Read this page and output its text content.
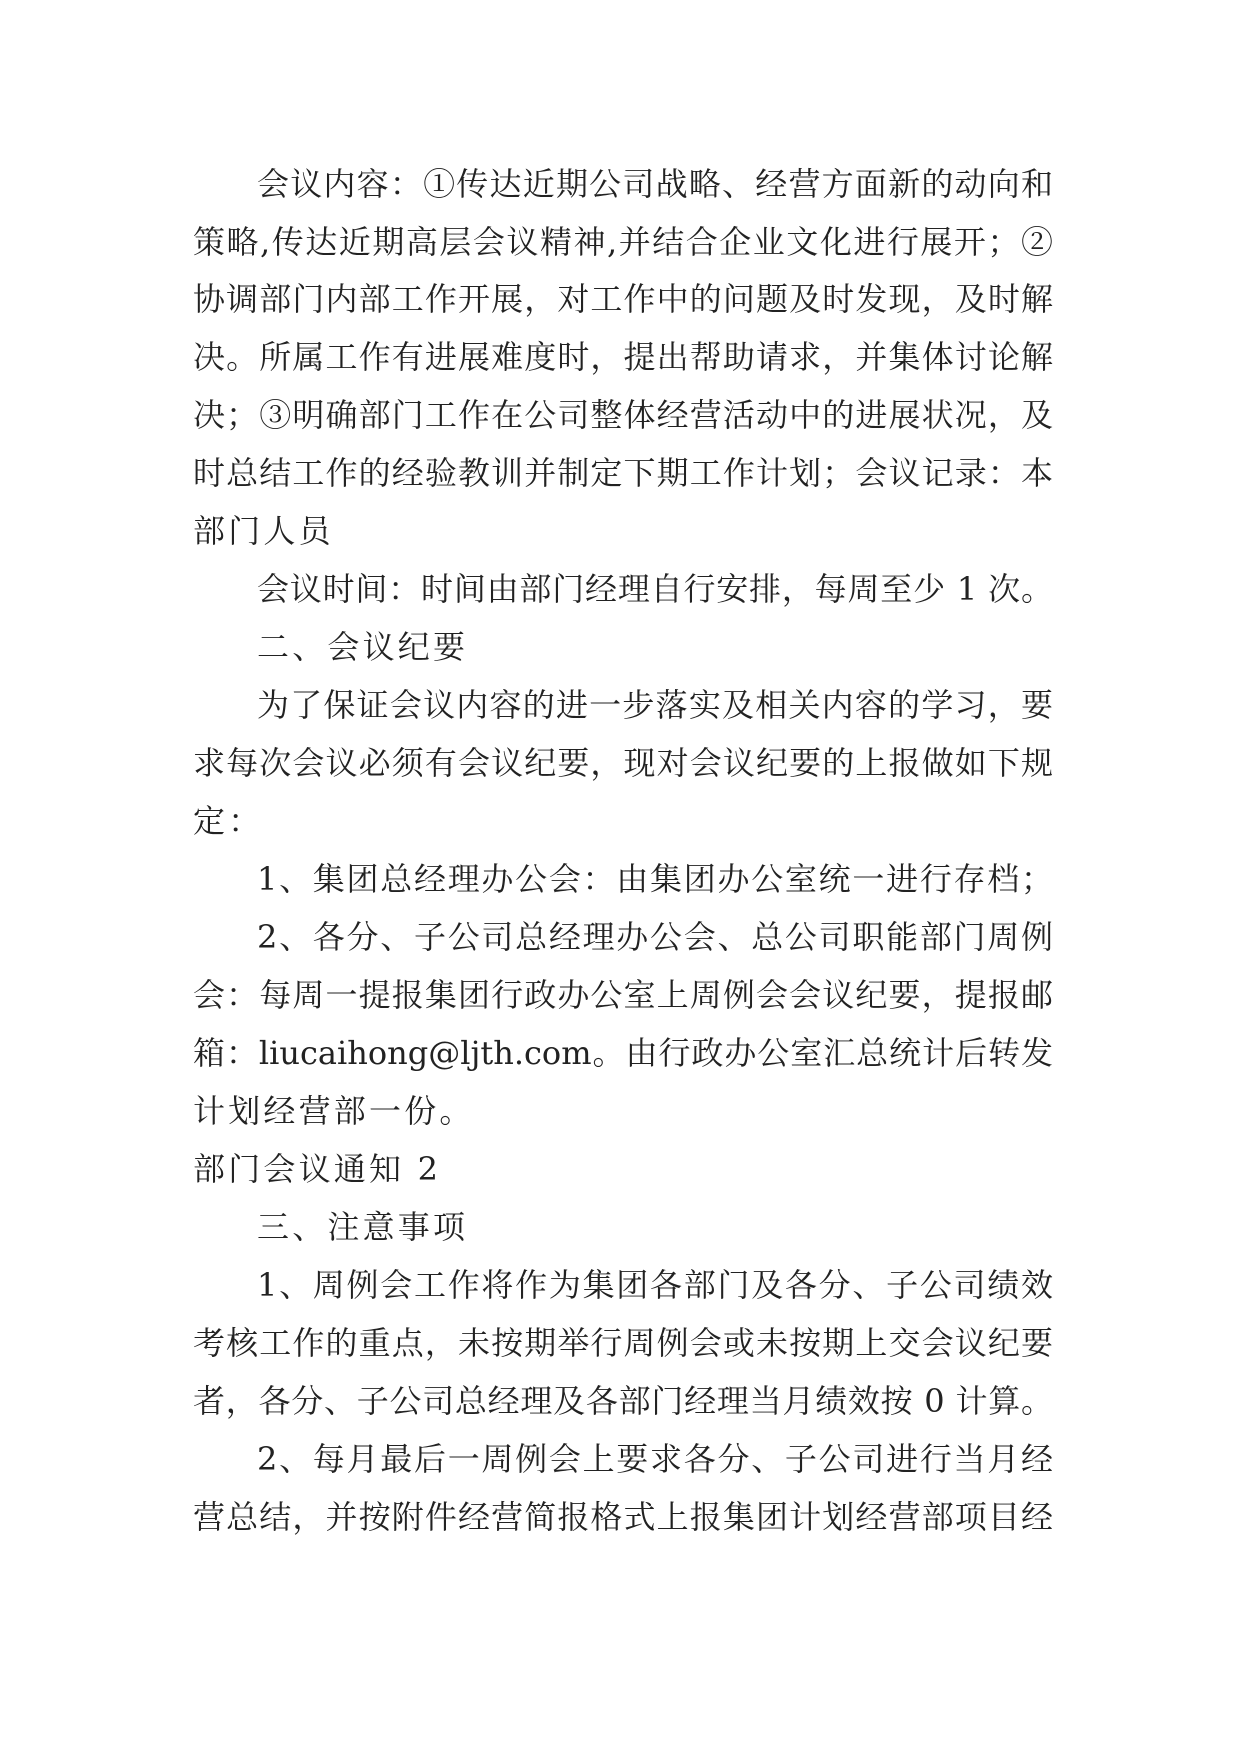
会议内容：①传达近期公司战略、经营方面新的动向和
策略,传达近期高层会议精神,并结合企业文化进行展开；②
协调部门内部工作开展，对工作中的问题及时发现，及时解
决。所属工作有进展难度时，提出帮助请求，并集体讨论解
决；③明确部门工作在公司整体经营活动中的进展状况，及
时总结工作的经验教训并制定下期工作计划；会议记录：本
部门人员
会议时间：时间由部门经理自行安排，每周至少 1 次。
二、会议纪要
为了保证会议内容的进一步落实及相关内容的学习，要
求每次会议必须有会议纪要，现对会议纪要的上报做如下规
定：
1、集团总经理办公会：由集团办公室统一进行存档；
2、各分、子公司总经理办公会、总公司职能部门周例
会：每周一提报集团行政办公室上周例会会议纪要，提报邮
箱：liucaihong@ljth.com。由行政办公室汇总统计后转发
计划经营部一份。
部门会议通知 2
三、注意事项
1、周例会工作将作为集团各部门及各分、子公司绩效
考核工作的重点，未按期举行周例会或未按期上交会议纪要
者，各分、子公司总经理及各部门经理当月绩效按 0 计算。
2、每月最后一周例会上要求各分、子公司进行当月经
营总结，并按附件经营简报格式上报集团计划经营部项目经
